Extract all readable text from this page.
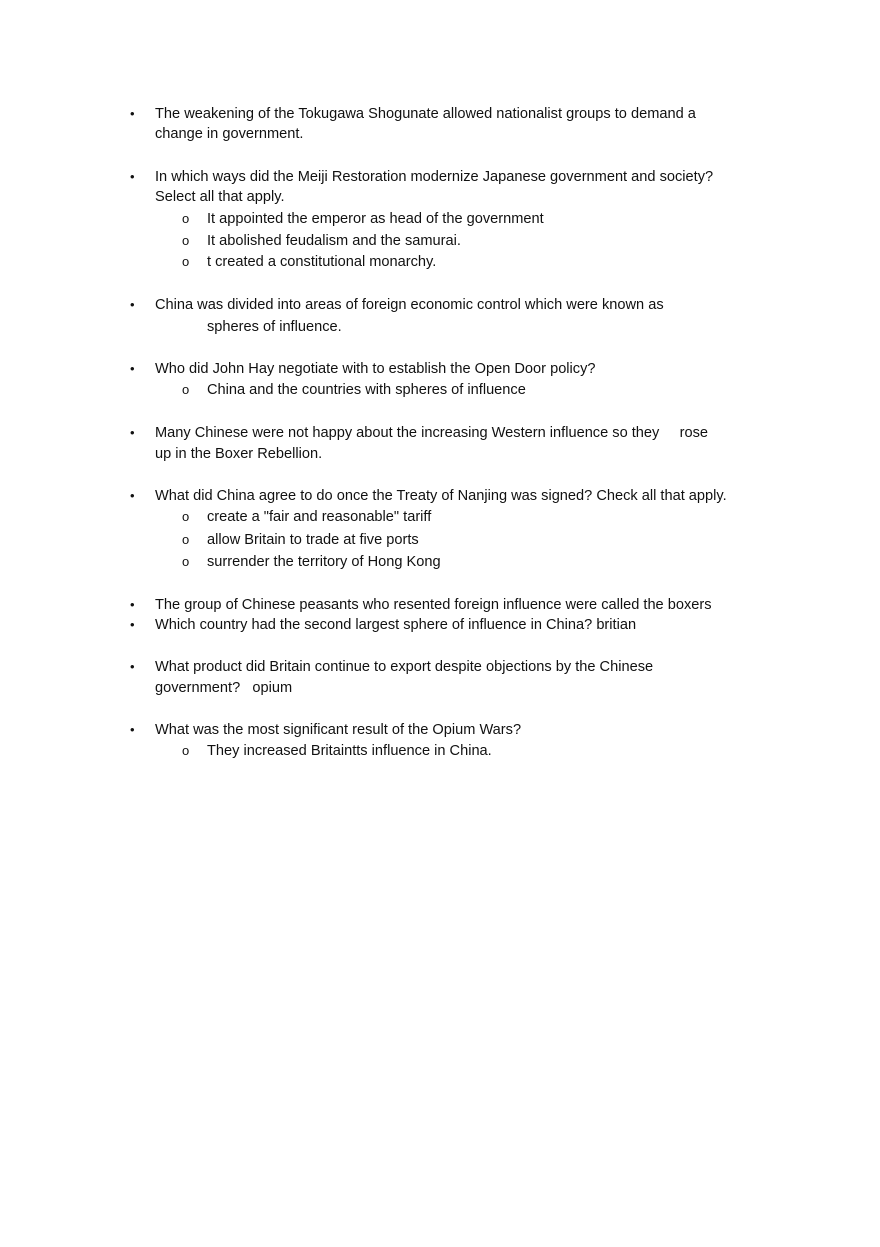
• The weakening of the Tokugawa Shogunate allowed nationalist groups to demand a
change in government.
• In which ways did the Meiji Restoration modernize Japanese government and society?
Select all that apply.
o It appointed the emperor as head of the government
o It abolished feudalism and the samurai.
o t created a constitutional monarchy.
• China was divided into areas of foreign economic control which were known as
spheres of influence.
• Who did John Hay negotiate with to establish the Open Door policy?
o China and the countries with spheres of influence
• Many Chinese were not happy about the increasing Western influence so they     rose
up in the Boxer Rebellion.
• What did China agree to do once the Treaty of Nanjing was signed? Check all that apply.
o create a "fair and reasonable" tariff
o allow Britain to trade at five ports
o surrender the territory of Hong Kong
• The group of Chinese peasants who resented foreign influence were called the boxers
• Which country had the second largest sphere of influence in China? britian
• What product did Britain continue to export despite objections by the Chinese
government?   opium
• What was the most significant result of the Opium Wars?
o They increased Britaintts influence in China.
